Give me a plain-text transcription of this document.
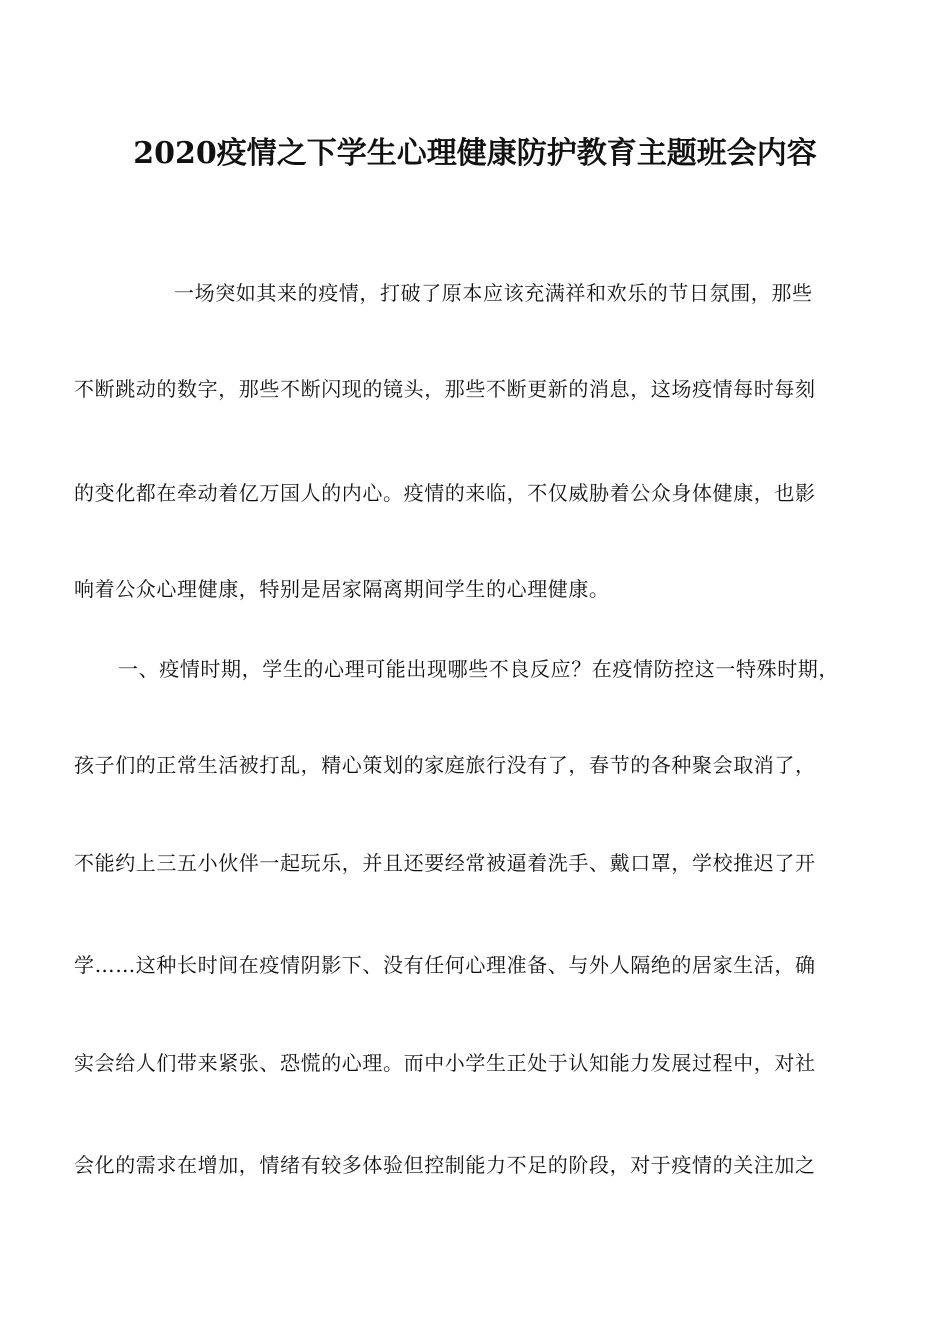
2020疫情之下学生心理健康防护教育主题班会内容
一场突如其来的疫情，打破了原本应该充满祥和欢乐的节日氛围，那些
不断跳动的数字，那些不断闪现的镜头，那些不断更新的消息，这场疫情每时每刻
的变化都在牵动着亿万国人的内心。疫情的来临，不仅威胁着公众身体健康，也影
响着公众心理健康，特别是居家隔离期间学生的心理健康。
一、疫情时期，学生的心理可能出现哪些不良反应？在疫情防控这一特殊时期，
孩子们的正常生活被打乱，精心策划的家庭旅行没有了，春节的各种聚会取消了，
不能约上三五小伙伴一起玩乐，并且还要经常被逼着洗手、戴口罩，学校推迟了开
学……这种长时间在疫情阴影下、没有任何心理准备、与外人隔绝的居家生活，确
实会给人们带来紧张、恐慌的心理。而中小学生正处于认知能力发展过程中，对社
会化的需求在增加，情绪有较多体验但控制能力不足的阶段，对于疫情的关注加之
